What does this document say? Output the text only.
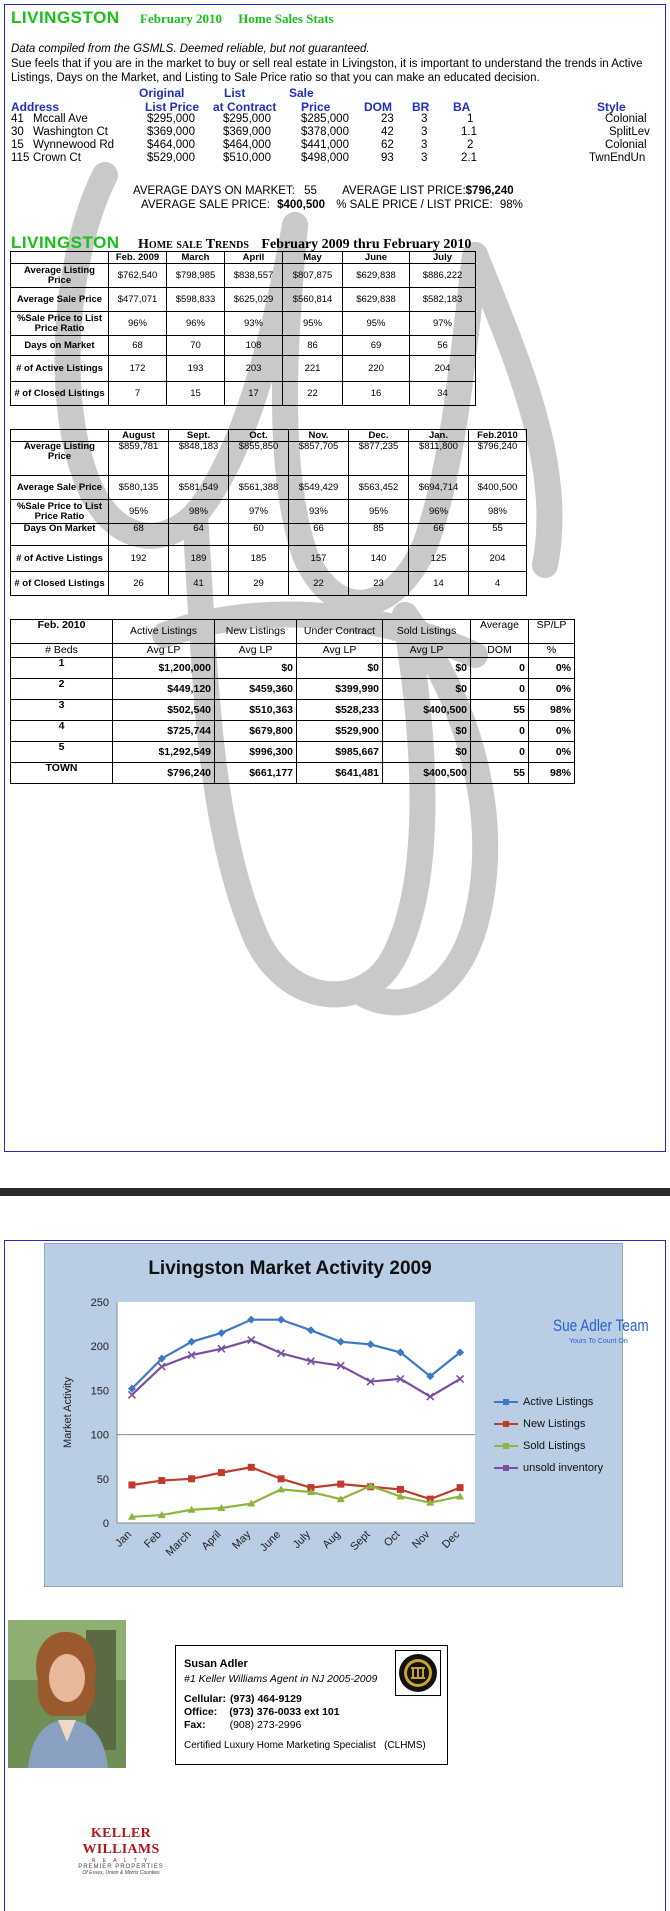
LIVINGSTON February 2010     Home Sales Stats
Data compiled from the GSMLS. Deemed reliable, but not guaranteed.
Sue feels that if you are in the market to buy or sell real estate in Livingston, it is important to understand the trends in Active Listings, Days on the Market, and Listing to Sale Price ratio so that you can make an educated decision.
Original	List	Sale
Address	List Price at Contract Price	DOM BR BA	Style
41 Mccall Ave	$295,000 $295,000	$285,000	23 3	1	Colonial
30 Washington Ct	$369,000 $369,000	$378,000	42 3	1.1	SplitLev
15 Wynnewood Rd	$464,000 $464,000	$441,000	62 3	2	Colonial
115 Crown Ct	$529,000 $510,000	$498,000	93 3	2.1	TwnEndUn
AVERAGE DAYS ON MARKET: 55 AVERAGE LIST PRICE:$796,240
AVERAGE SALE PRICE: $400,500 % SALE PRICE / LIST PRICE: 98%
LIVINGSTON Home sale Trends February 2009 thru February 2010
	Feb. 2009	March	April	May	June	July
Average Listing Price	$762,540	$798,985	$838,557	$807,875	$629,838	$886,222
Average Sale Price	$477,071	$598,833	$625,029	$560,814	$629,838	$582,183
%Sale Price to List Price Ratio	96%	96%	93%	95%	95%	97%
Days on Market	68	70	108	86	69	56
# of Active Listings	172	193	203	221	220	204
# of Closed Listings	7	15	17	22	16	34
	August	Sept.	Oct.	Nov.	Dec.	Jan.	Feb.2010
Average Listing Price	$859,781	$848,183	$855,850	$857,705	$877,235	$811,800	$796,240
Average Sale Price	$580,135	$581,549	$561,388	$549,429	$563,452	$694,714	$400,500
%Sale Price to List Price Ratio	95%	98%	97%	93%	95%	96%	98%
Days On Market	68	64	60	66	85	66	55
# of Active Listings	192	189	185	157	140	125	204
# of Closed Listings	26	41	29	22	23	14	4
Feb. 2010	Active Listings	New Listings	Under Contract	Sold Listings	Average	SP/LP
# Beds	Avg LP	Avg LP	Avg LP	Avg LP	DOM	%
1	$1,200,000	$0	$0	$0	0	0%
2	$449,120	$459,360	$399,990	$0	0	0%
3	$502,540	$510,363	$528,233	$400,500	55	98%
4	$725,744	$679,800	$529,900	$0	0	0%
5	$1,292,549	$996,300	$985,667	$0	0	0%
TOWN	$796,240	$661,177	$641,481	$400,500	55	98%
Livingston Market Activity 2009
0
50
100
150
200
250
Jan Feb March April May June July Aug Sept Oct Nov Dec
Market Activity
Sue Adler Team
Yours To Count On
Active Listings
New Listings
Sold Listings
unsold inventory
Susan Adler
#1 Keller Williams Agent in NJ 2005-2009
Cellular: (973) 464-9129
Office: (973) 376-0033 ext 101
Fax: (908) 273-2996
Certified Luxury Home Marketing Specialist   (CLHMS)
KELLER WILLIAMS
R E A L T Y
PREMIER PROPERTIES
Of Essex, Union & Morris Counties
